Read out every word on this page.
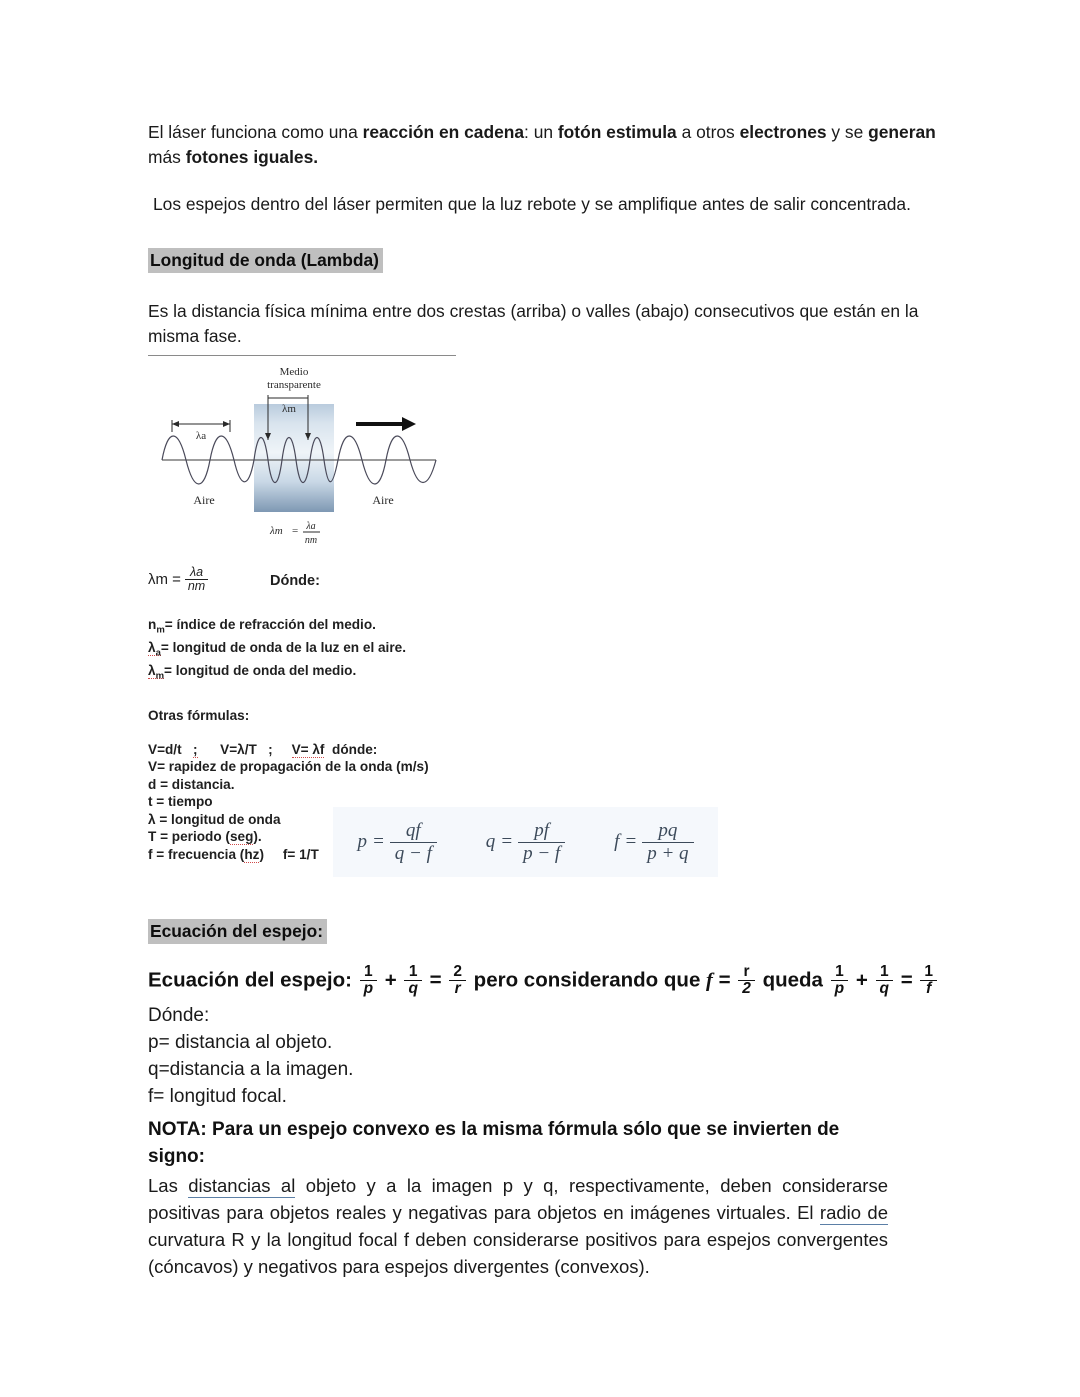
El láser funciona como una reacción en cadena: un fotón estimula a otros electrones y se generan
más fotones iguales.

Los espejos dentro del láser permiten que la luz rebote y se amplifique antes de salir concentrada.

Longitud de onda (Lambda)

Es la distancia física mínima entre dos crestas (arriba) o valles (abajo) consecutivos que están en la misma fase.

Medio
transparente
λm
λa
Aire	Aire
λm = λa
nm
$\lambda m = \frac{\lambda a}{nm}$	Dónde:
$n_m=$ índice de refracción del medio.
$\lambda_a=$ longitud de onda de la luz en el aire.
$\lambda_m=$ longitud de onda del medio.
Otras fórmulas:
V=d/t ; V=λ/T ; V= λf dónde:
V= rapidez de propagación de la onda (m/s)
d = distancia.
t = tiempo
λ = longitud de onda
T = periodo (seg).
f = frecuencia (hz) f= 1/T
Ecuación del espejo:
Ecuación del espejo: $\frac{1}{p} + \frac{1}{q} = \frac{2}{r}$ pero considerando que $f = \frac{r}{2}$ queda $\frac{1}{p} + \frac{1}{q} = \frac{1}{f}$
Dónde:
p= distancia al objeto.
q=distancia a la imagen.
f= longitud focal.
NOTA: Para un espejo convexo es la misma fórmula sólo que se invierten de signo:

Las distancias al objeto y a la imagen p y q, respectivamente, deben considerarse positivas para objetos reales y negativas para objetos en imágenes virtuales. El radio de curvatura R y la longitud focal f deben considerarse positivos para espejos convergentes (cóncavos) y negativos para espejos divergentes (convexos).

$p = \frac{qf}{q - f}$	$q = \frac{pf}{p - f}$	$f = \frac{pq}{p + q}$
